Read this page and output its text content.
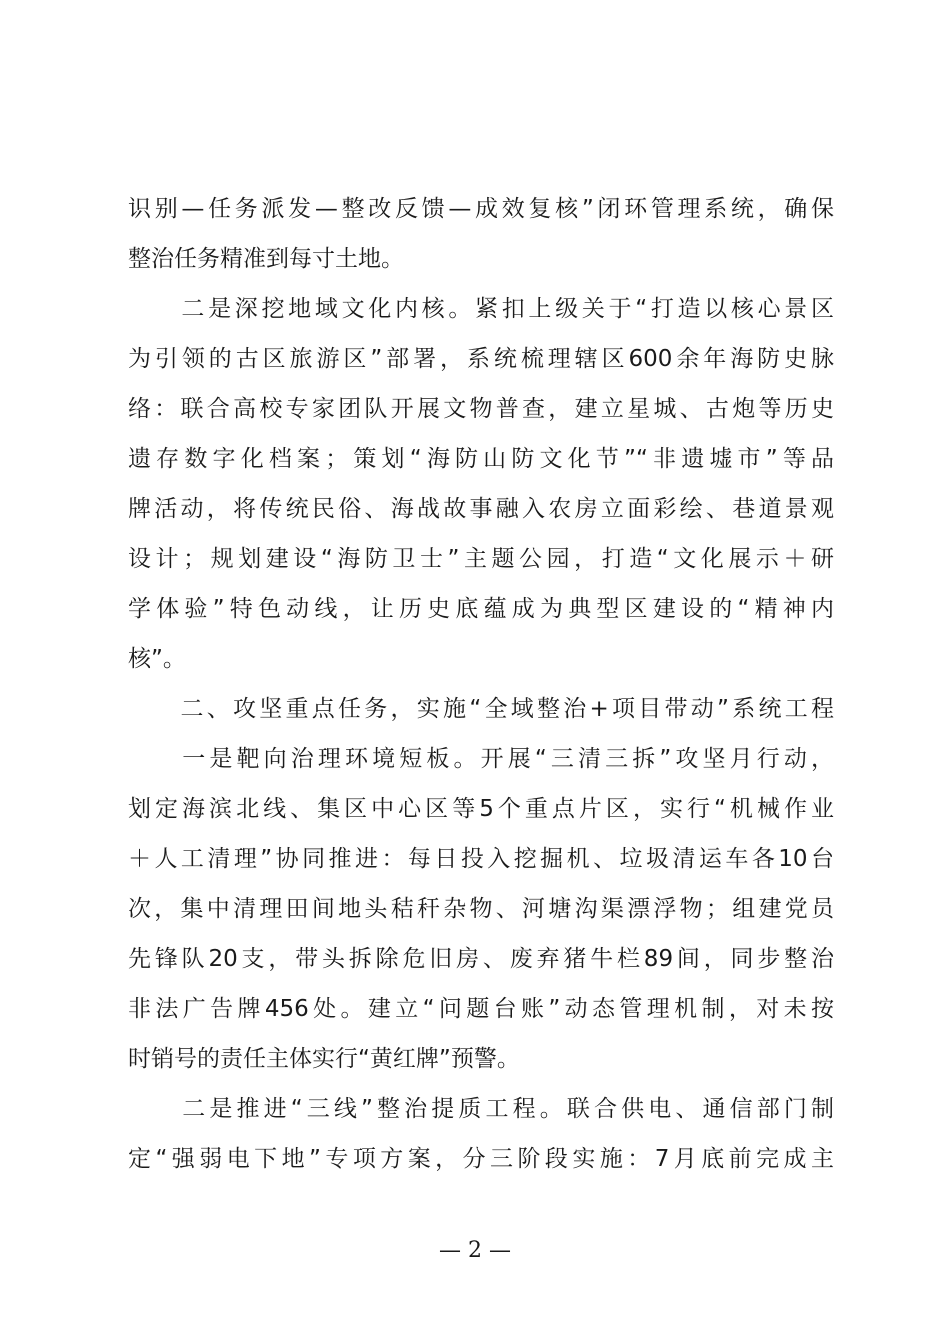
识别—任务派发—整改反馈—成效复核”闭环管理系统，确保
整治任务精准到每寸土地。
　　二是深挖地域文化内核。紧扣上级关于“打造以核心景区
为引领的古区旅游区”部署，系统梳理辖区600余年海防史脉
络：联合高校专家团队开展文物普查，建立星城、古炮等历史
遗存数字化档案；策划“海防山防文化节”“非遗墟市”等品
牌活动，将传统民俗、海战故事融入农房立面彩绘、巷道景观
设计；规划建设“海防卫士”主题公园，打造“文化展示＋研
学体验”特色动线，让历史底蕴成为典型区建设的“精神内
核”。
　　二、攻坚重点任务，实施“全域整治+项目带动”系统工程
　　一是靶向治理环境短板。开展“三清三拆”攻坚月行动，
划定海滨北线、集区中心区等5个重点片区，实行“机械作业
＋人工清理”协同推进：每日投入挖掘机、垃圾清运车各10台
次，集中清理田间地头秸秆杂物、河塘沟渠漂浮物；组建党员
先锋队20支，带头拆除危旧房、废弃猪牛栏89间，同步整治
非法广告牌456处。建立“问题台账”动态管理机制，对未按
时销号的责任主体实行“黄红牌”预警。
　　二是推进“三线”整治提质工程。联合供电、通信部门制
定“强弱电下地”专项方案，分三阶段实施：7月底前完成主
— 2 —
